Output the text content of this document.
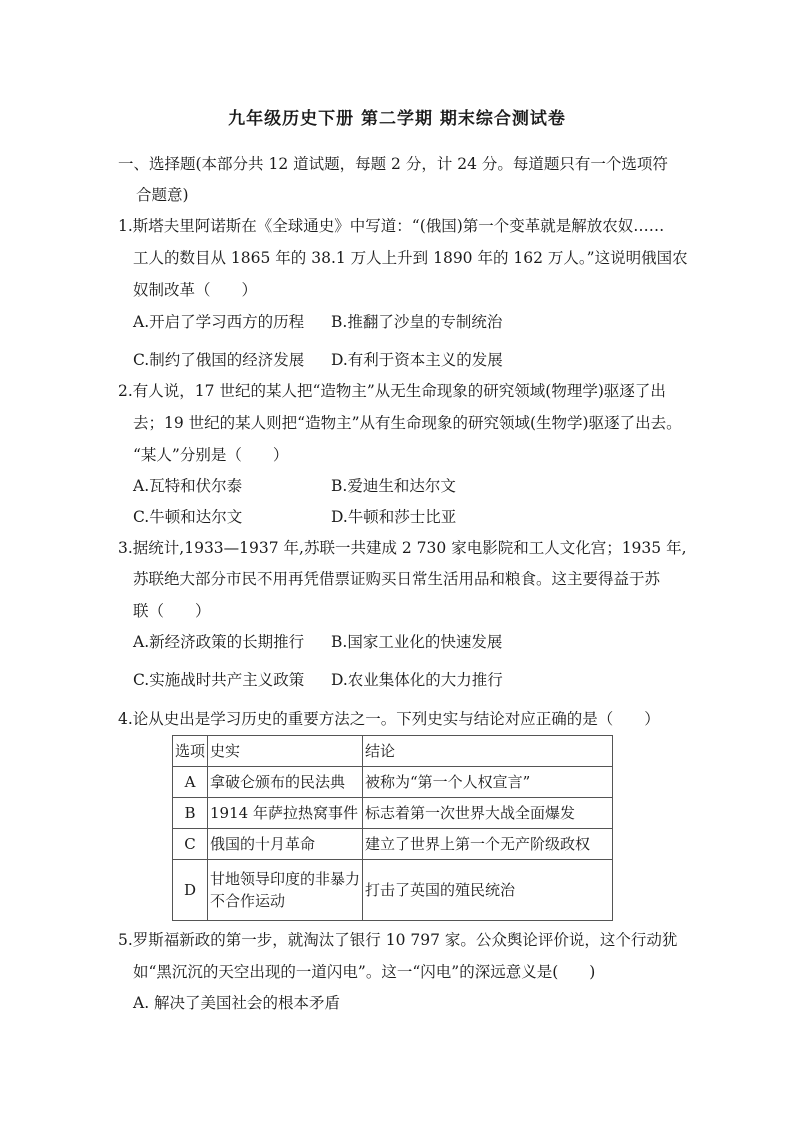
九年级历史下册 第二学期 期末综合测试卷
一、选择题(本部分共 12 道试题，每题 2 分，计 24 分。每道题只有一个选项符
合题意)
1.斯塔夫里阿诺斯在《全球通史》中写道：“(俄国)第一个变革就是解放农奴……
工人的数目从 1865 年的 38.1 万人上升到 1890 年的 162 万人。”这说明俄国农
奴制改革（　　）
A.开启了学习西方的历程 B.推翻了沙皇的专制统治
C.制约了俄国的经济发展 D.有利于资本主义的发展
2.有人说，17 世纪的某人把“造物主”从无生命现象的研究领域(物理学)驱逐了出
去；19 世纪的某人则把“造物主”从有生命现象的研究领域(生物学)驱逐了出去。
“某人”分别是（　　）
A.瓦特和伏尔泰	B.爱迪生和达尔文
C.牛顿和达尔文	D.牛顿和莎士比亚
3.据统计,1933—1937 年,苏联一共建成 2 730 家电影院和工人文化宫；1935 年,
苏联绝大部分市民不用再凭借票证购买日常生活用品和粮食。这主要得益于苏
联（　　）
A.新经济政策的长期推行 B.国家工业化的快速发展
C.实施战时共产主义政策 D.农业集体化的大力推行
4.论从史出是学习历史的重要方法之一。下列史实与结论对应正确的是（　　）
选项	史实	结论
A	拿破仑颁布的民法典	被称为“第一个人权宣言”
B	1914 年萨拉热窝事件	标志着第一次世界大战全面爆发
C	俄国的十月革命	建立了世界上第一个无产阶级政权
D	甘地领导印度的非暴力不合作运动	打击了英国的殖民统治
5.罗斯福新政的第一步，就淘汰了银行 10 797 家。公众舆论评价说，这个行动犹
如“黑沉沉的天空出现的一道闪电”。这一“闪电”的深远意义是(　　)
A. 解决了美国社会的根本矛盾
